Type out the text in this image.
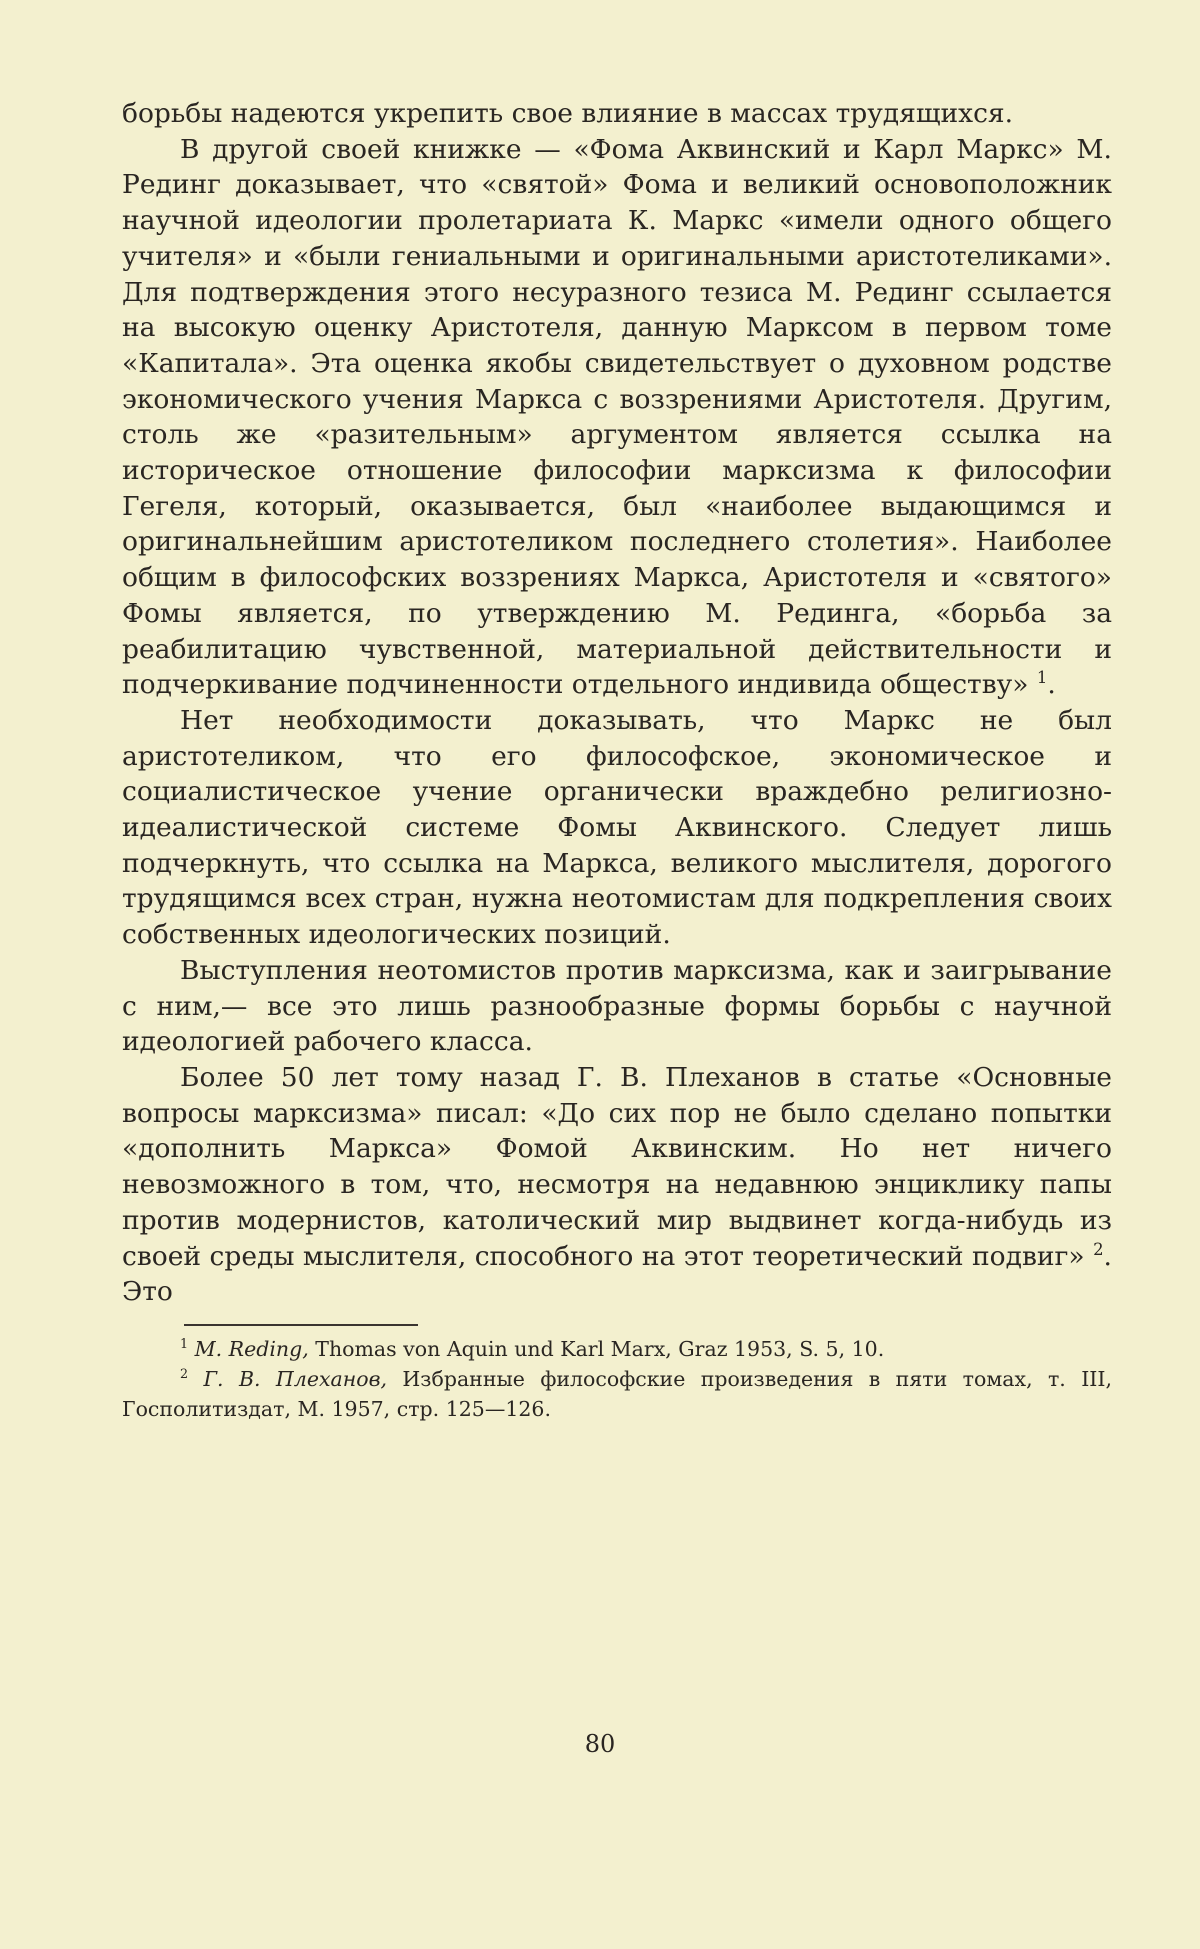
борьбы надеются укрепить свое влияние в массах трудящихся.

В другой своей книжке — «Фома Аквинский и Карл Маркс» М. Рединг доказывает, что «святой» Фома и великий основоположник научной идеологии пролетариата К. Маркс «имели одного общего учителя» и «были гениальными и оригинальными аристотеликами». Для подтверждения этого несуразного тезиса М. Рединг ссылается на высокую оценку Аристотеля, данную Марксом в первом томе «Капитала». Эта оценка якобы свидетельствует о духовном родстве экономического учения Маркса с воззрениями Аристотеля. Другим, столь же «разительным» аргументом является ссылка на историческое отношение философии марксизма к философии Гегеля, который, оказывается, был «наиболее выдающимся и оригинальнейшим аристотеликом последнего столетия». Наиболее общим в философских воззрениях Маркса, Аристотеля и «святого» Фомы является, по утверждению М. Рединга, «борьба за реабилитацию чувственной, материальной действительности и подчеркивание подчиненности отдельного индивида обществу» $^1$.

Нет необходимости доказывать, что Маркс не был аристотеликом, что его философское, экономическое и социалистическое учение органически враждебно религиозно-идеалистической системе Фомы Аквинского. Следует лишь подчеркнуть, что ссылка на Маркса, великого мыслителя, дорогого трудящимся всех стран, нужна неотомистам для подкрепления своих собственных идеологических позиций.

Выступления неотомистов против марксизма, как и заигрывание с ним,— все это лишь разнообразные формы борьбы с научной идеологией рабочего класса.

Более 50 лет тому назад Г. В. Плеханов в статье «Основные вопросы марксизма» писал: «До сих пор не было сделано попытки «дополнить Маркса» Фомой Аквинским. Но нет ничего невозможного в том, что, несмотря на недавнюю энциклику папы против модернистов, католический мир выдвинет когда-нибудь из своей среды мыслителя, способного на этот теоретический подвиг» $^2$. Это

$^1$ M. Reding, Thomas von Aquin und Karl Marx, Graz 1953, S. 5, 10.

$^2$ Г. В. Плеханов, Избранные философские произведения в пяти томах, т. III, Госполитиздат, М. 1957, стр. 125—126.

80
